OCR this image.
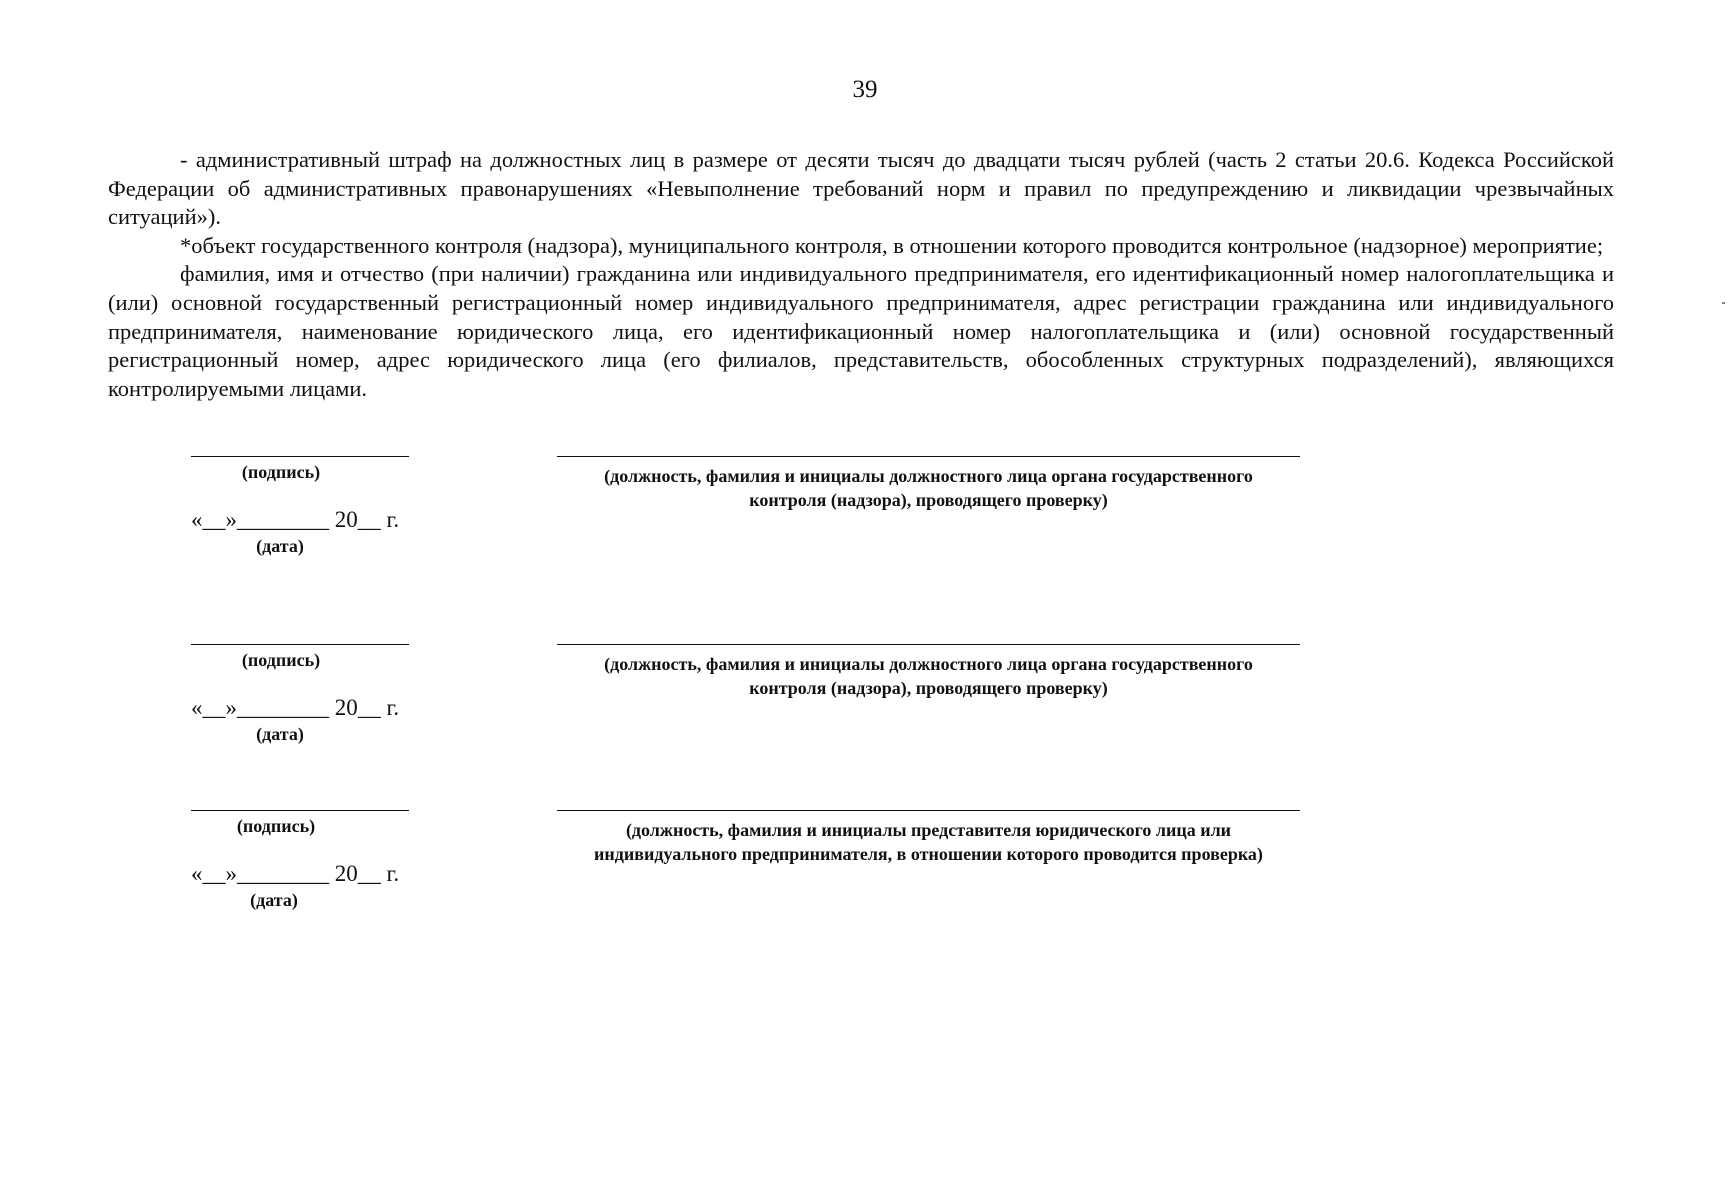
39

- административный штраф на должностных лиц в размере от десяти тысяч до двадцати тысяч рублей (часть 2 статьи 20.6. Кодекса Российской Федерации об административных правонарушениях «Невыполнение требований норм и правил по предупреждению и ликвидации чрезвычайных ситуаций»).

*объект государственного контроля (надзора), муниципального контроля, в отношении которого проводится контрольное (надзорное) мероприятие;

фамилия, имя и отчество (при наличии) гражданина или индивидуального предпринимателя, его идентификационный номер налогоплательщика и (или) основной государственный регистрационный номер индивидуального предпринимателя, адрес регистрации гражданина или индивидуального предпринимателя, наименование юридического лица, его идентификационный номер налогоплательщика и (или) основной государственный регистрационный номер, адрес юридического лица (его филиалов, представительств, обособленных структурных подразделений), являющихся контролируемыми лицами.

(подпись)	(должность, фамилия и инициалы должностного лица органа государственного
контроля (надзора), проводящего проверку)
«__»________ 20__ г.
(дата)
(подпись)	(должность, фамилия и инициалы должностного лица органа государственного
контроля (надзора), проводящего проверку)
«__»________ 20__ г.
(дата)
(подпись)	(должность, фамилия и инициалы представителя юридического лица или
индивидуального предпринимателя, в отношении которого проводится проверка)
«__»________ 20__ г.
(дата)
